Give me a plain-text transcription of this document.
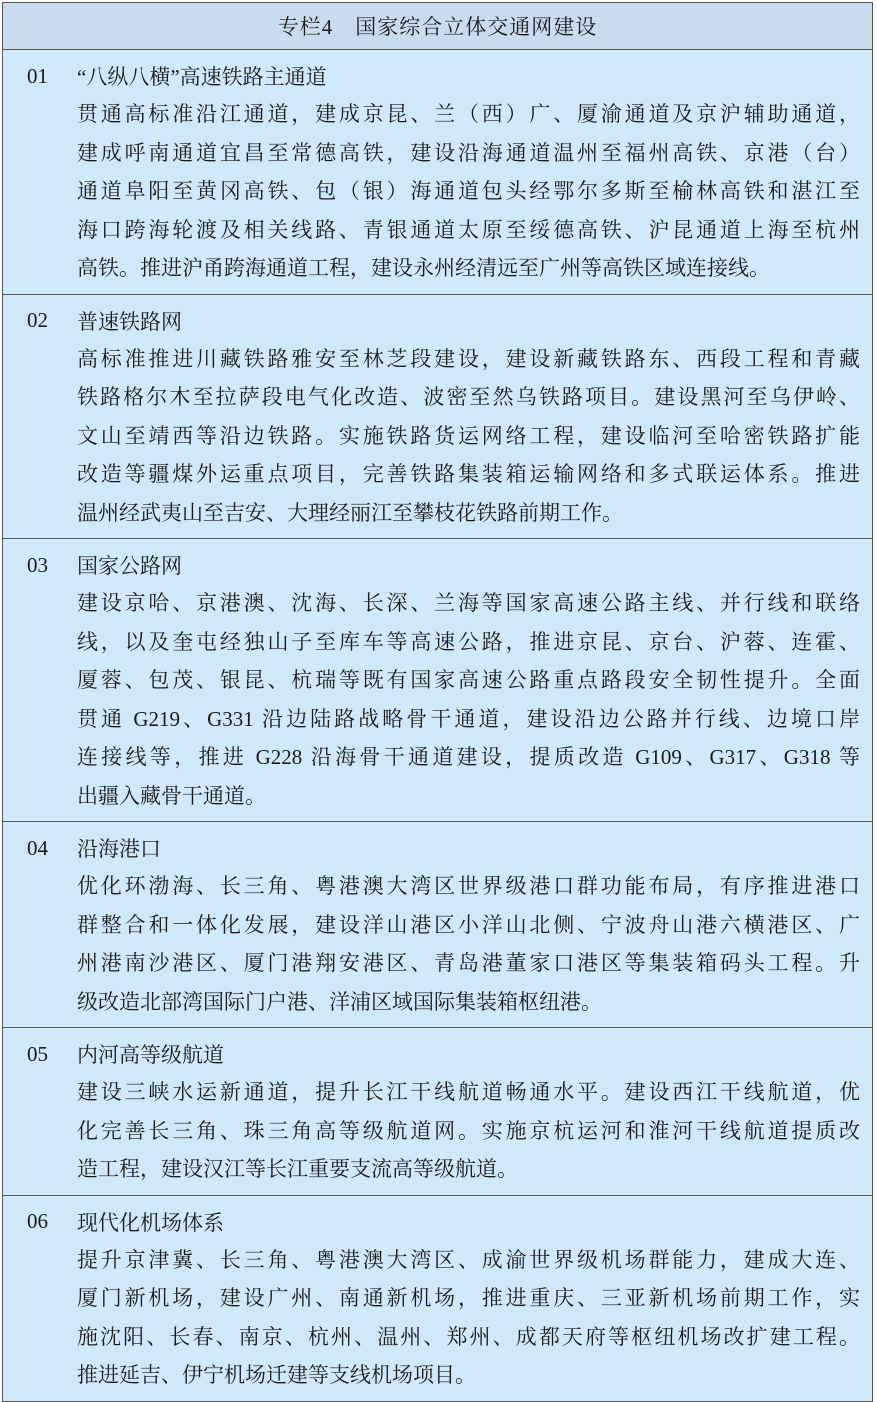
专栏4 国家综合立体交通网建设
01	“八纵八横”高速铁路主通道
贯通高标准沿江通道，建成京昆、兰（西）广、厦渝通道及京沪辅助通道，
建成呼南通道宜昌至常德高铁，建设沿海通道温州至福州高铁、京港（台）
通道阜阳至黄冈高铁、包（银）海通道包头经鄂尔多斯至榆林高铁和湛江至
海口跨海轮渡及相关线路、青银通道太原至绥德高铁、沪昆通道上海至杭州
高铁。推进沪甬跨海通道工程，建设永州经清远至广州等高铁区域连接线。
02	普速铁路网
高标准推进川藏铁路雅安至林芝段建设，建设新藏铁路东、西段工程和青藏
铁路格尔木至拉萨段电气化改造、波密至然乌铁路项目。建设黑河至乌伊岭、
文山至靖西等沿边铁路。实施铁路货运网络工程，建设临河至哈密铁路扩能
改造等疆煤外运重点项目，完善铁路集装箱运输网络和多式联运体系。推进
温州经武夷山至吉安、大理经丽江至攀枝花铁路前期工作。
03	国家公路网
建设京哈、京港澳、沈海、长深、兰海等国家高速公路主线、并行线和联络
线，以及奎屯经独山子至库车等高速公路，推进京昆、京台、沪蓉、连霍、
厦蓉、包茂、银昆、杭瑞等既有国家高速公路重点路段安全韧性提升。全面
贯通 G219、G331 沿边陆路战略骨干通道，建设沿边公路并行线、边境口岸
连接线等，推进 G228 沿海骨干通道建设，提质改造 G109、G317、G318 等
出疆入藏骨干通道。
04	沿海港口
优化环渤海、长三角、粤港澳大湾区世界级港口群功能布局，有序推进港口
群整合和一体化发展，建设洋山港区小洋山北侧、宁波舟山港六横港区、广
州港南沙港区、厦门港翔安港区、青岛港董家口港区等集装箱码头工程。升
级改造北部湾国际门户港、洋浦区域国际集装箱枢纽港。
05	内河高等级航道
建设三峡水运新通道，提升长江干线航道畅通水平。建设西江干线航道，优
化完善长三角、珠三角高等级航道网。实施京杭运河和淮河干线航道提质改
造工程，建设汉江等长江重要支流高等级航道。
06	现代化机场体系
提升京津冀、长三角、粤港澳大湾区、成渝世界级机场群能力，建成大连、
厦门新机场，建设广州、南通新机场，推进重庆、三亚新机场前期工作，实
施沈阳、长春、南京、杭州、温州、郑州、成都天府等枢纽机场改扩建工程。
推进延吉、伊宁机场迁建等支线机场项目。
